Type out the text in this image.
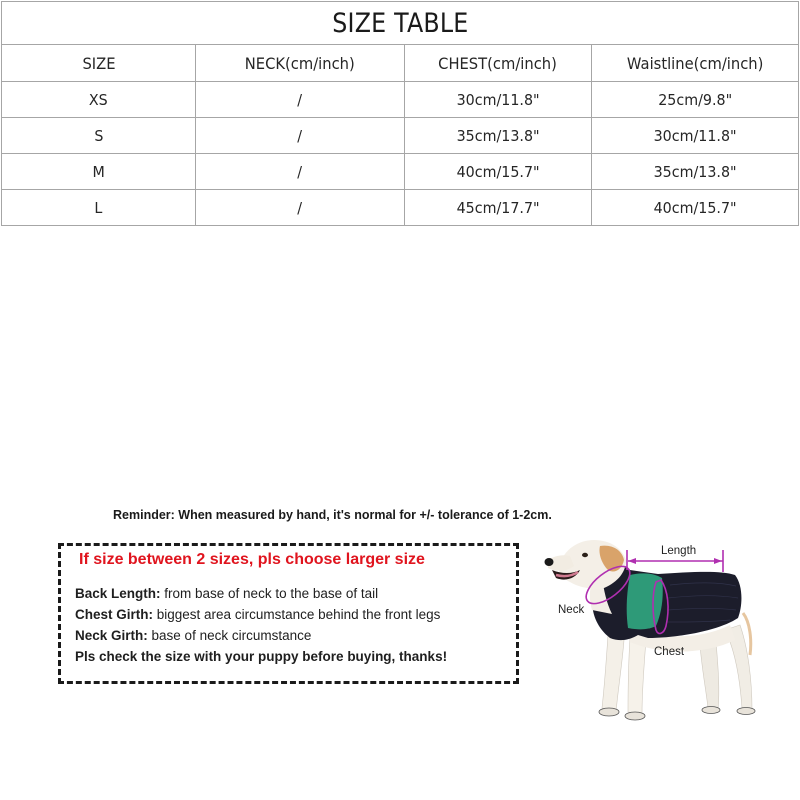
SIZE TABLE			
SIZE	NECK(cm/inch)	CHEST(cm/inch)	Waistline(cm/inch)
XS	/	30cm/11.8"	25cm/9.8"
S	/	35cm/13.8"	30cm/11.8"
M	/	40cm/15.7"	35cm/13.8"
L	/	45cm/17.7"	40cm/15.7"
Reminder: When measured by hand, it's normal for +/- tolerance of 1-2cm.
If size between 2 sizes, pls choose larger size
Back Length: from base of neck to the base of tail
Chest Girth: biggest area circumstance behind the front legs
Neck Girth: base of neck circumstance
Pls check the size with your puppy before buying, thanks!
Length
Neck
Chest
